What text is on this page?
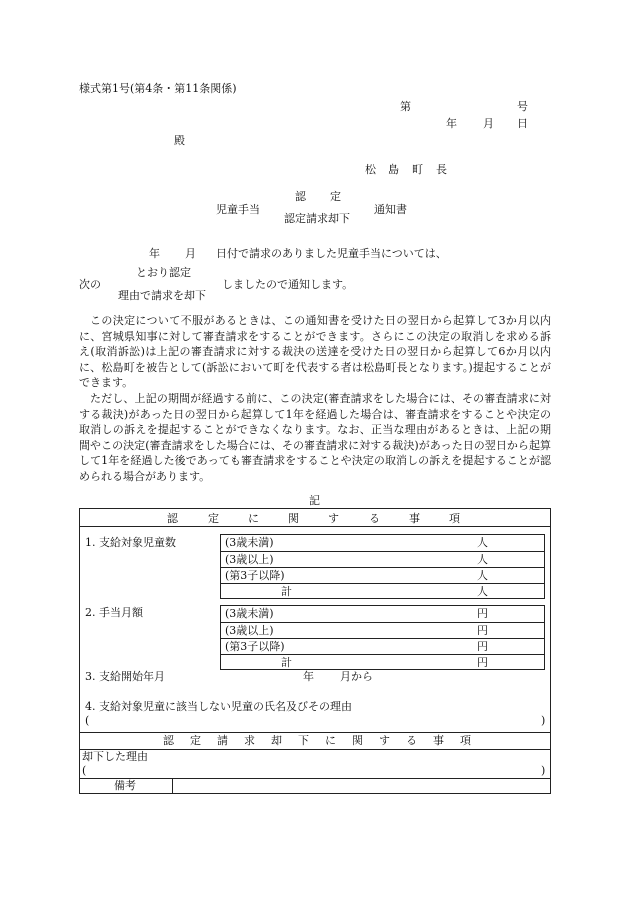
様式第1号(第4条・第11条関係)
第	号
年 月 日
殿
松 島 町 長
児童手当
認 定
認定請求却下
通知書
年 月 日付で請求のありました児童手当については、
次の
とおり認定
理由で請求を却下
しましたので通知します。
この決定について不服があるときは、この通知書を受けた日の翌日から起算して3か月以内に、宮城県知事に対して審査請求をすることができます。さらにこの決定の取消しを求める訴え(取消訴訟)は上記の審査請求に対する裁決の送達を受けた日の翌日から起算して6か月以内に、松島町を被告として(訴訟において町を代表する者は松島町長となります。)提起することができます。
ただし、上記の期間が経過する前に、この決定(審査請求をした場合には、その審査請求に対する裁決)があった日の翌日から起算して1年を経過した場合は、審査請求をすることや決定の取消しの訴えを提起することができなくなります。なお、正当な理由があるときは、上記の期間やこの決定(審査請求をした場合には、その審査請求に対する裁決)があった日の翌日から起算して1年を経過した後であっても審査請求をすることや決定の取消しの訴えを提起することが認められる場合があります。
記
認	定	に	関	す	る	事	項
1. 支給対象児童数	(3歳未満)	人
(3歳以上)	人
(第3子以降)	人
計	人
2. 手当月額	(3歳未満)	円
(3歳以上)	円
(第3子以降)	円
計	円
3. 支給開始年月	年 月から
4. 支給対象児童に該当しない児童の氏名及びその理由
(	)
認 定 請 求 却 下 に 関 す る 事 項
却下した理由
(	)
備考
